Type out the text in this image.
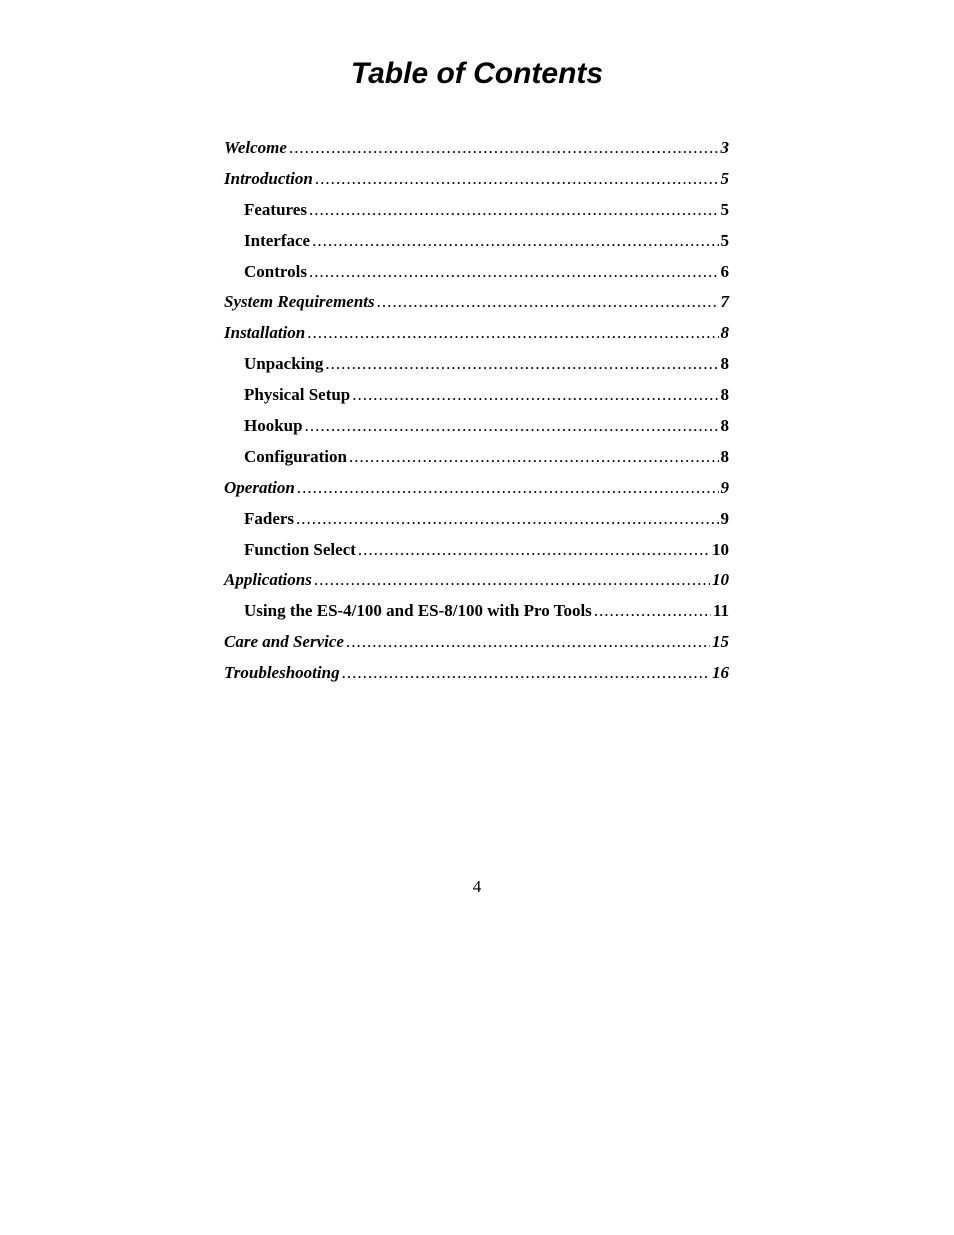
Table of Contents
Welcome .....	3
Introduction .....	5
Features .....	5
Interface .....	5
Controls .....	6
System Requirements .....	7
Installation .....	8
Unpacking .....	8
Physical Setup .....	8
Hookup .....	8
Configuration .....	8
Operation .....	9
Faders .....	9
Function Select .....	10
Applications .....	10
Using the ES-4/100 and ES-8/100 with Pro Tools .....	11
Care and Service .....	15
Troubleshooting .....	16
4
